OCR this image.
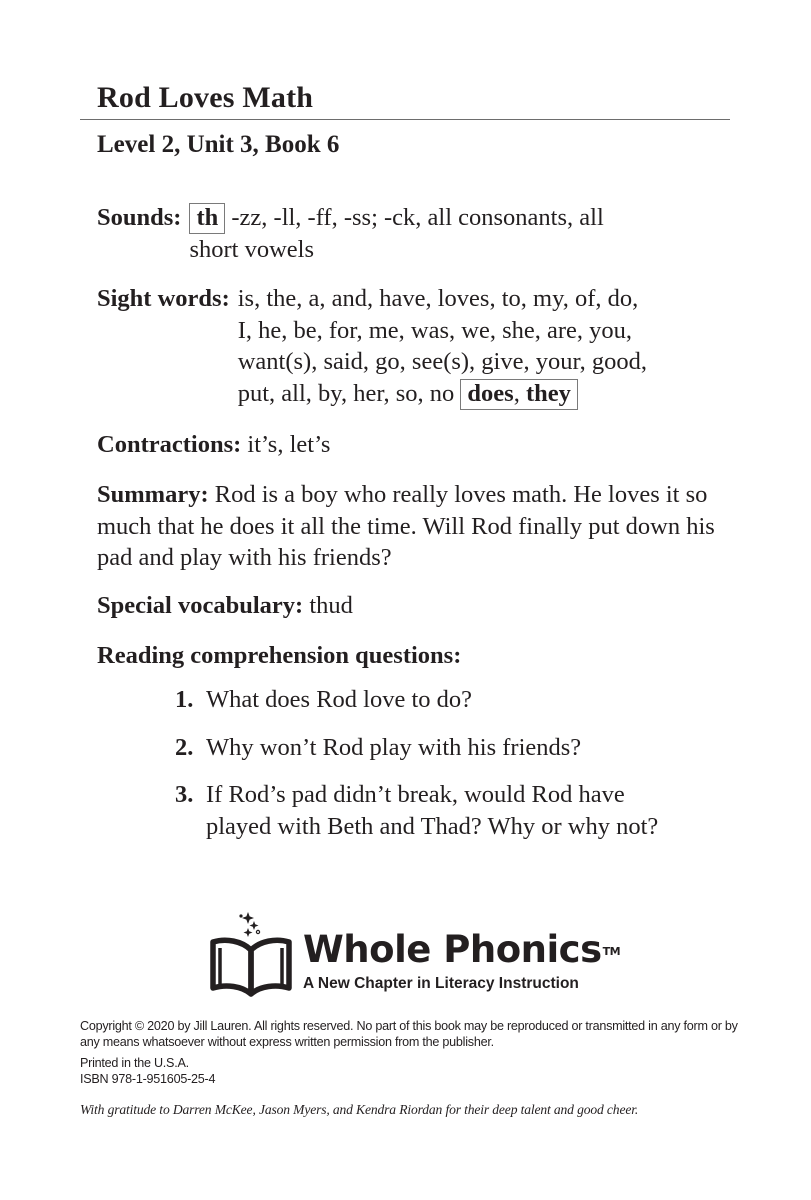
Rod Loves Math
Level 2, Unit 3, Book 6
Sounds: th -zz, -ll, -ff, -ss; -ck, all consonants, all
short vowels
Sight words: is, the, a, and, have, loves, to, my, of, do,
I, he, be, for, me, was, we, she, are, you,
want(s), said, go, see(s), give, your, good,
put, all, by, her, so, no does, they
Contractions: it’s, let’s
Summary: Rod is a boy who really loves math. He loves it so much that he does it all the time. Will Rod finally put down his pad and play with his friends?
Special vocabulary: thud
Reading comprehension questions:
1. What does Rod love to do?
2. Why won’t Rod play with his friends?
3. If Rod’s pad didn’t break, would Rod have played with Beth and Thad? Why or why not?
Whole Phonics™
A New Chapter in Literacy Instruction
Copyright © 2020 by Jill Lauren. All rights reserved. No part of this book may be reproduced or transmitted in any form or by any means whatsoever without express written permission from the publisher.
Printed in the U.S.A.
ISBN 978-1-951605-25-4
With gratitude to Darren McKee, Jason Myers, and Kendra Riordan for their deep talent and good cheer.
